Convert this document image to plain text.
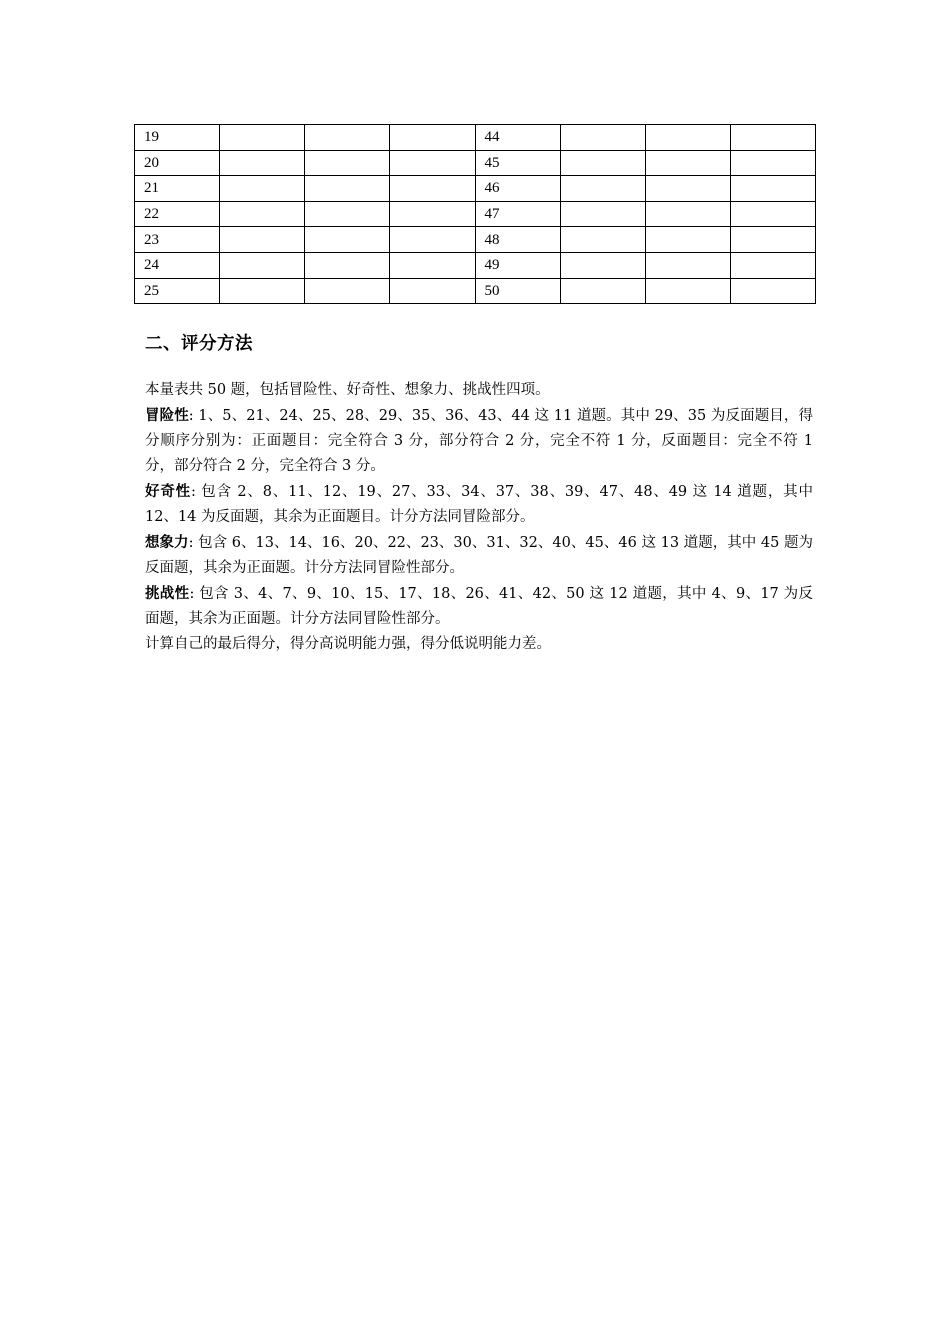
19				44			
20				45			
21				46			
22				47			
23				48			
24				49			
25				50			
二、评分方法

本量表共 50 题，包括冒险性、好奇性、想象力、挑战性四项。

冒险性: 1、5、21、24、25、28、29、35、36、43、44 这 11 道题。其中 29、35 为反面题目，得分顺序分别为：正面题目：完全符合 3 分，部分符合 2 分，完全不符 1 分，反面题目：完全不符 1 分，部分符合 2 分，完全符合 3 分。

好奇性: 包含 2、8、11、12、19、27、33、34、37、38、39、47、48、49 这 14 道题，其中 12、14 为反面题，其余为正面题目。计分方法同冒险部分。

想象力: 包含 6、13、14、16、20、22、23、30、31、32、40、45、46 这 13 道题，其中 45 题为反面题，其余为正面题。计分方法同冒险性部分。

挑战性: 包含 3、4、7、9、10、15、17、18、26、41、42、50 这 12 道题，其中 4、9、17 为反面题，其余为正面题。计分方法同冒险性部分。

计算自己的最后得分，得分高说明能力强，得分低说明能力差。
